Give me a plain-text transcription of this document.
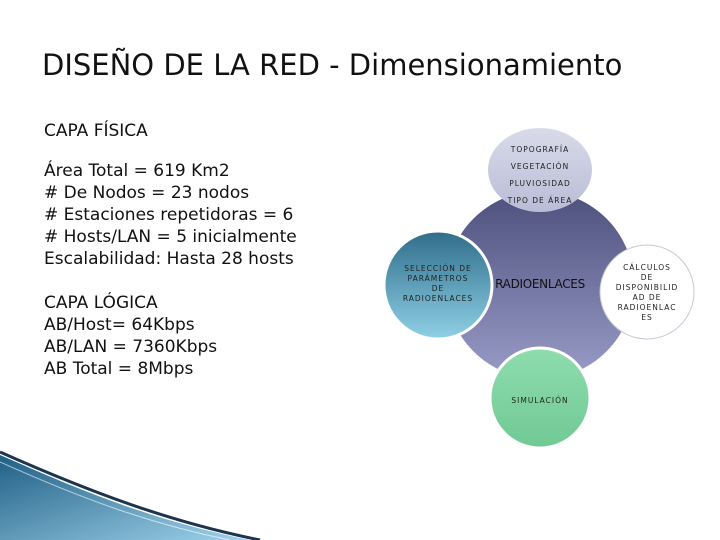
DISEÑO DE LA RED - Dimensionamiento
CAPA FÍSICA
Área Total = 619 Km2
# De Nodos = 23 nodos
# Estaciones repetidoras = 6
# Hosts/LAN = 5 inicialmente
Escalabilidad: Hasta 28 hosts
CAPA LÓGICA
AB/Host= 64Kbps
AB/LAN = 7360Kbps
AB Total = 8Mbps
TOPOGRAFÍA
VEGETACIÓN
PLUVIOSIDAD
TIPO DE ÁREA
SELECCIÓN DE
PARÁMETROS
DE
RADIOENLACES
RADIOENLACES
CÁLCULOS
DE
DISPONIBILID
AD DE
RADIOENLAC
ES
SIMULACIÓN
